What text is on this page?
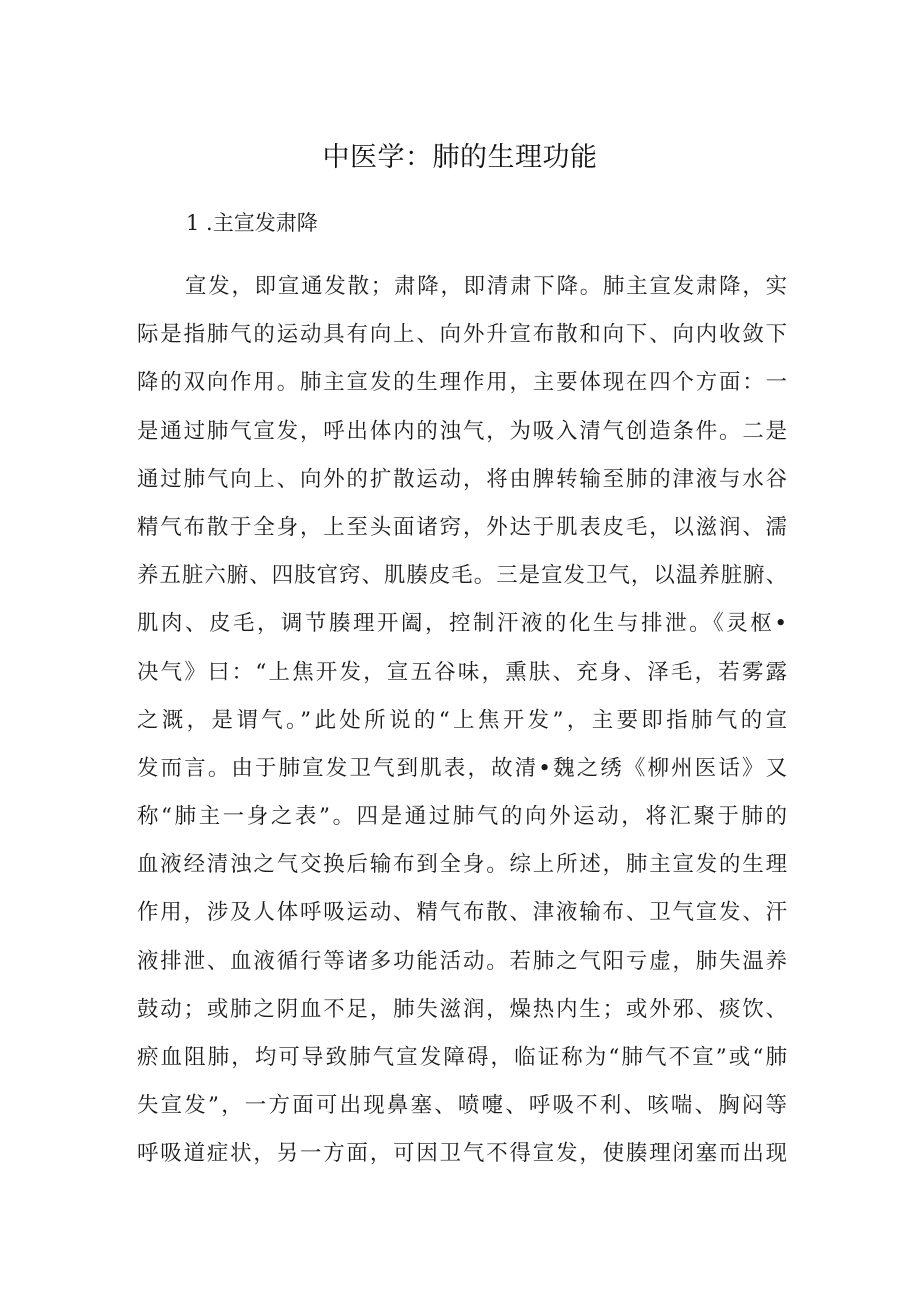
中医学：肺的生理功能
1 .主宣发肃降
宣发，即宣通发散；肃降，即清肃下降。肺主宣发肃降，实
际是指肺气的运动具有向上、向外升宣布散和向下、向内收敛下
降的双向作用。肺主宣发的生理作用，主要体现在四个方面：一
是通过肺气宣发，呼出体内的浊气，为吸入清气创造条件。二是
通过肺气向上、向外的扩散运动，将由脾转输至肺的津液与水谷
精气布散于全身，上至头面诸窍，外达于肌表皮毛，以滋润、濡
养五脏六腑、四肢官窍、肌腠皮毛。三是宣发卫气，以温养脏腑、
肌肉、皮毛，调节腠理开阖，控制汗液的化生与排泄。《灵枢•
决气》曰：“上焦开发，宣五谷味，熏肤、充身、泽毛，若雾露
之溉，是谓气。”此处所说的“上焦开发”，主要即指肺气的宣
发而言。由于肺宣发卫气到肌表，故清•魏之绣《柳州医话》又
称“肺主一身之表”。四是通过肺气的向外运动，将汇聚于肺的
血液经清浊之气交换后输布到全身。综上所述，肺主宣发的生理
作用，涉及人体呼吸运动、精气布散、津液输布、卫气宣发、汗
液排泄、血液循行等诸多功能活动。若肺之气阳亏虚，肺失温养
鼓动；或肺之阴血不足，肺失滋润，燥热内生；或外邪、痰饮、
瘀血阻肺，均可导致肺气宣发障碍，临证称为“肺气不宣”或“肺
失宣发”，一方面可出现鼻塞、喷嚏、呼吸不利、咳喘、胸闷等
呼吸道症状，另一方面，可因卫气不得宣发，使腠理闭塞而出现
